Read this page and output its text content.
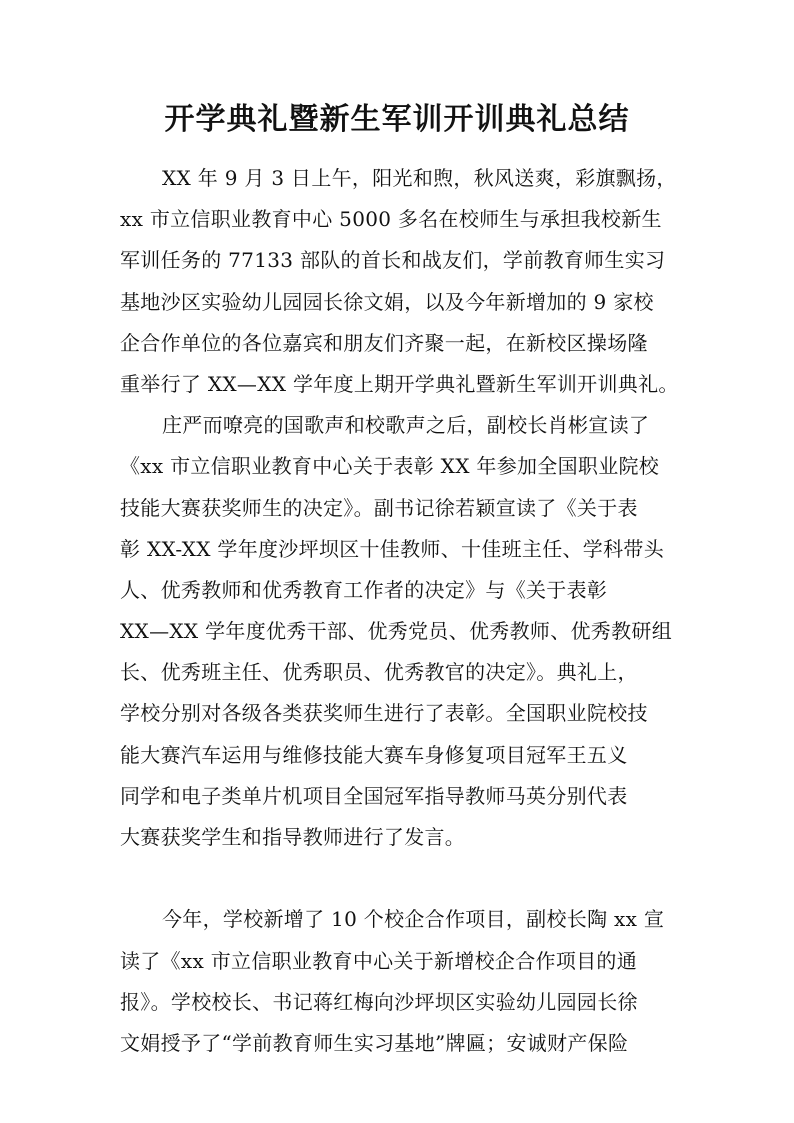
开学典礼暨新生军训开训典礼总结
XX 年 9 月 3 日上午，阳光和煦，秋风送爽，彩旗飘扬，
xx 市立信职业教育中心 5000 多名在校师生与承担我校新生
军训任务的 77133 部队的首长和战友们，学前教育师生实习
基地沙区实验幼儿园园长徐文娟，以及今年新增加的 9 家校
企合作单位的各位嘉宾和朋友们齐聚一起，在新校区操场隆
重举行了 XX—XX 学年度上期开学典礼暨新生军训开训典礼。
庄严而嘹亮的国歌声和校歌声之后，副校长肖彬宣读了
《xx 市立信职业教育中心关于表彰 XX 年参加全国职业院校
技能大赛获奖师生的决定》。副书记徐若颖宣读了《关于表
彰 XX-XX 学年度沙坪坝区十佳教师、十佳班主任、学科带头
人、优秀教师和优秀教育工作者的决定》与《关于表彰
XX—XX 学年度优秀干部、优秀党员、优秀教师、优秀教研组
长、优秀班主任、优秀职员、优秀教官的决定》。典礼上，
学校分别对各级各类获奖师生进行了表彰。全国职业院校技
能大赛汽车运用与维修技能大赛车身修复项目冠军王五义
同学和电子类单片机项目全国冠军指导教师马英分别代表
大赛获奖学生和指导教师进行了发言。
今年，学校新增了 10 个校企合作项目，副校长陶 xx 宣
读了《xx 市立信职业教育中心关于新增校企合作项目的通
报》。学校校长、书记蒋红梅向沙坪坝区实验幼儿园园长徐
文娟授予了“学前教育师生实习基地”牌匾；安诚财产保险
